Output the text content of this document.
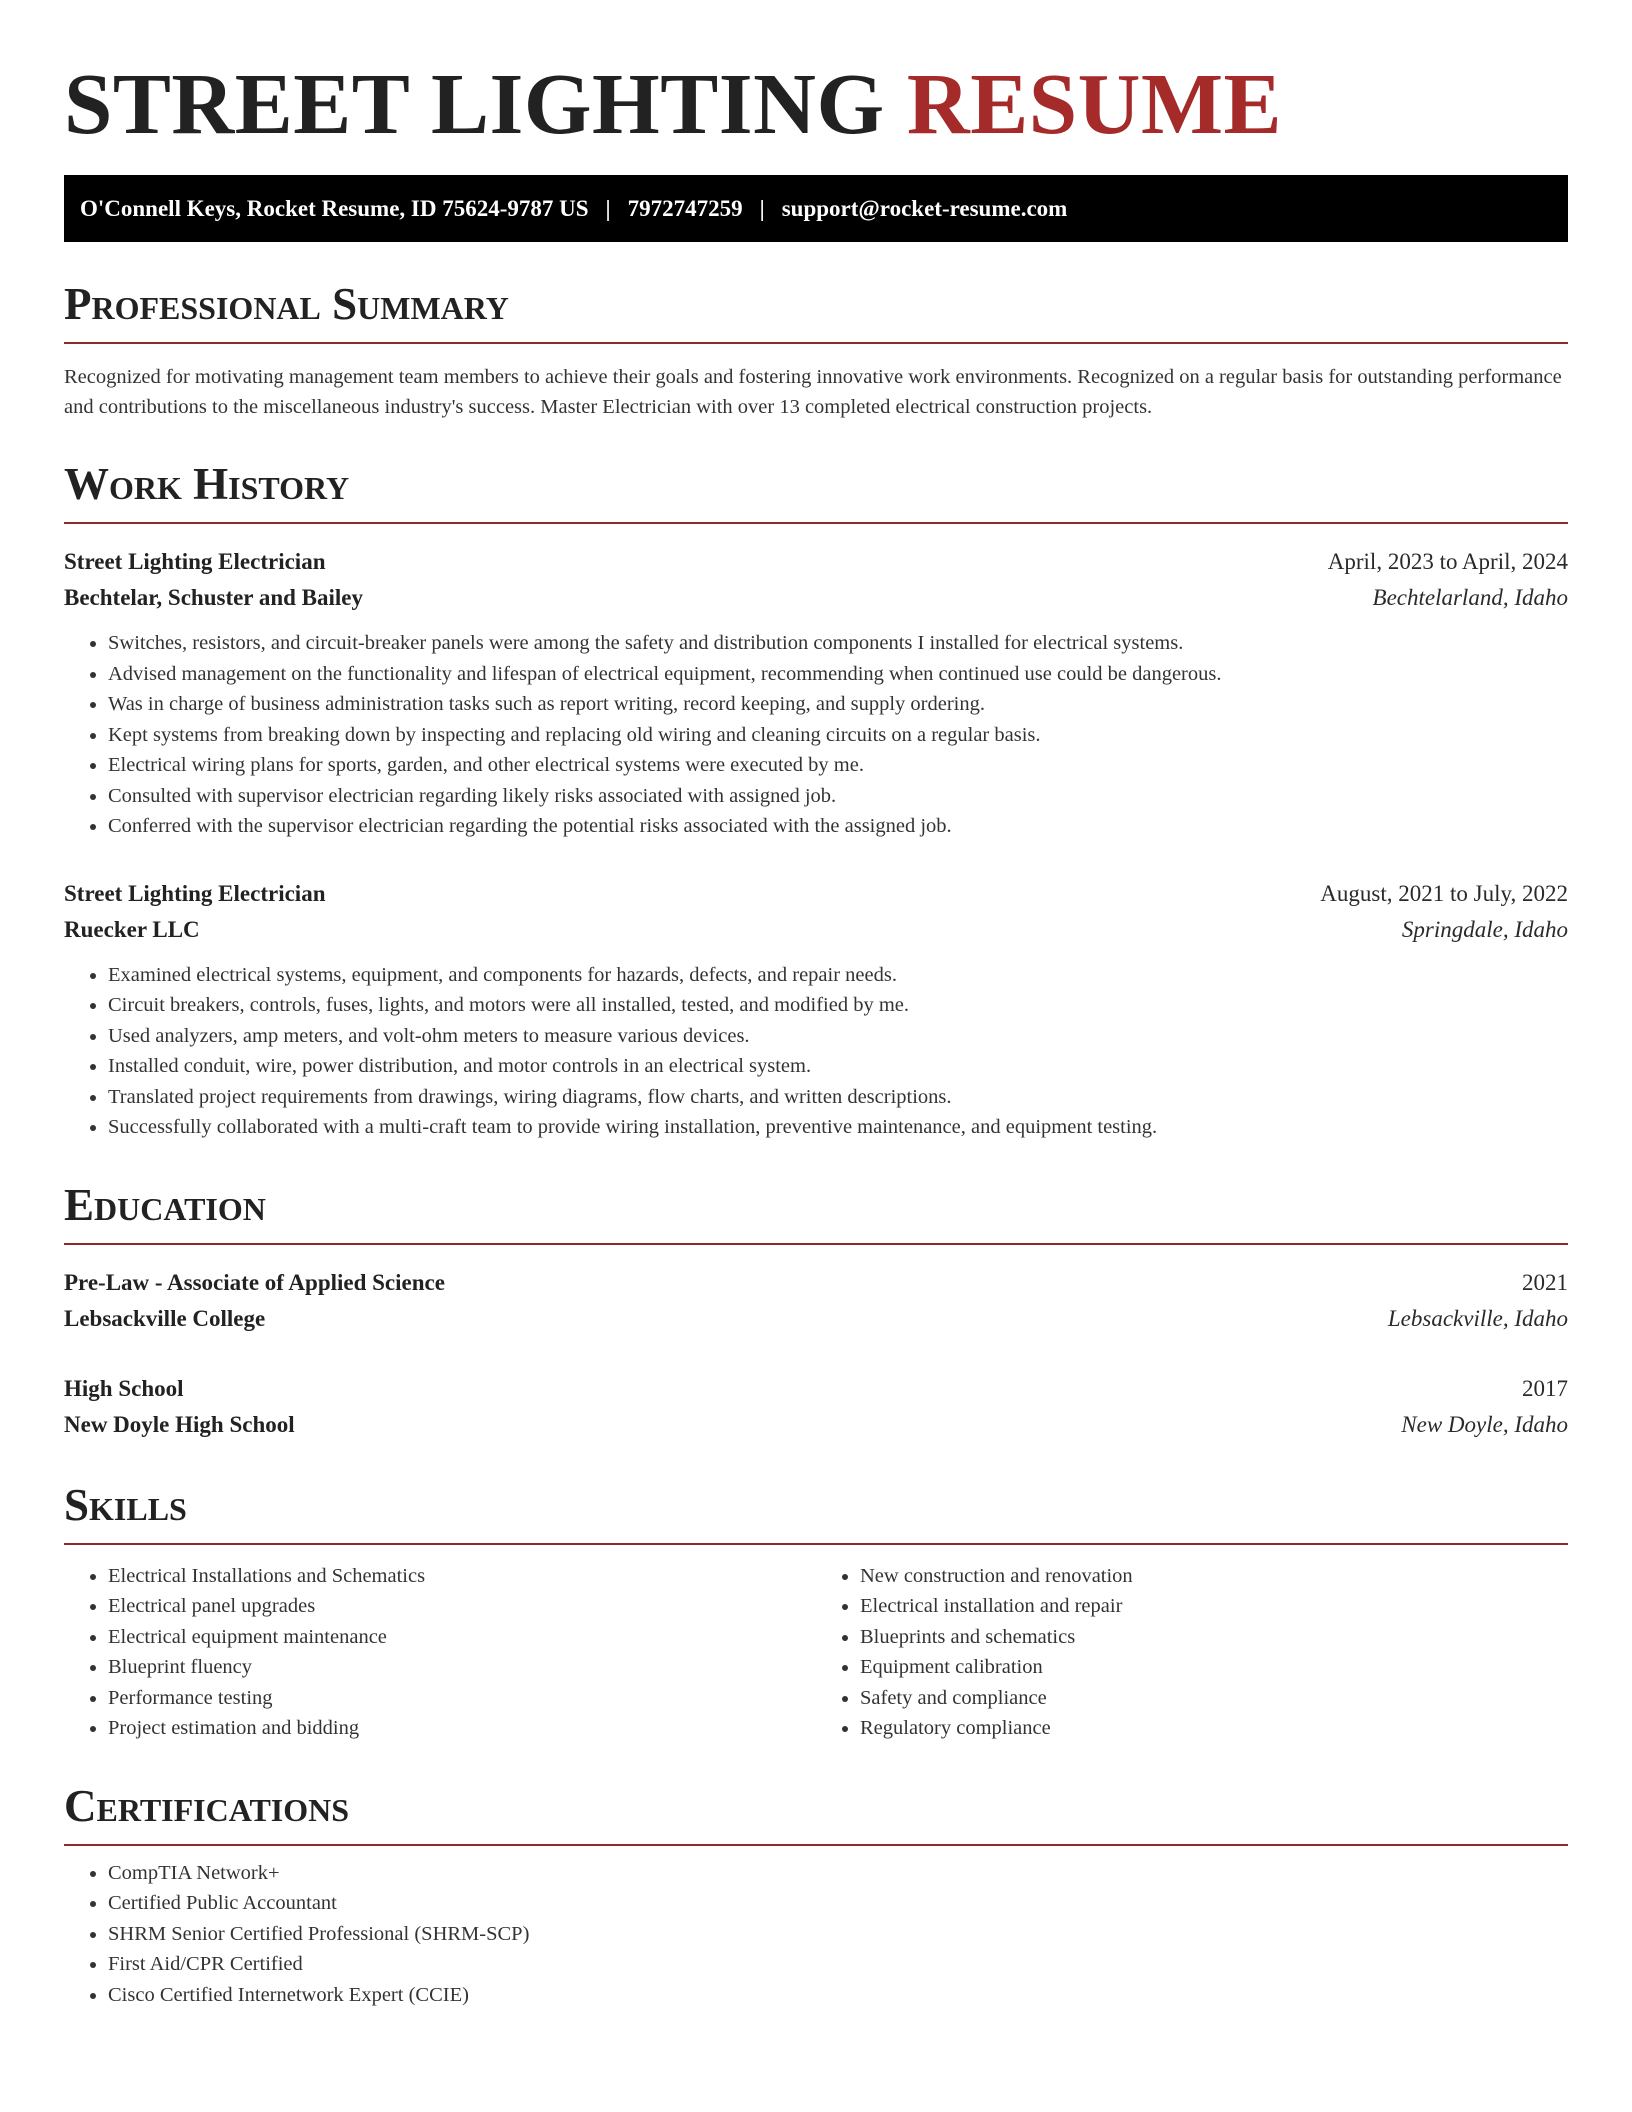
STREET LIGHTING RESUME
O'Connell Keys, Rocket Resume, ID 75624-9787 US | 7972747259 | support@rocket-resume.com
Professional Summary

Recognized for motivating management team members to achieve their goals and fostering innovative work environments. Recognized on a regular basis for outstanding performance and contributions to the miscellaneous industry's success. Master Electrician with over 13 completed electrical construction projects.

Work History
Street Lighting Electrician	April, 2023 to April, 2024
Bechtelar, Schuster and Bailey	Bechtelarland, Idaho
• Switches, resistors, and circuit-breaker panels were among the safety and distribution components I installed for electrical systems.
• Advised management on the functionality and lifespan of electrical equipment, recommending when continued use could be dangerous.
• Was in charge of business administration tasks such as report writing, record keeping, and supply ordering.
• Kept systems from breaking down by inspecting and replacing old wiring and cleaning circuits on a regular basis.
• Electrical wiring plans for sports, garden, and other electrical systems were executed by me.
• Consulted with supervisor electrician regarding likely risks associated with assigned job.
• Conferred with the supervisor electrician regarding the potential risks associated with the assigned job.
Street Lighting Electrician	August, 2021 to July, 2022
Ruecker LLC	Springdale, Idaho
• Examined electrical systems, equipment, and components for hazards, defects, and repair needs.
• Circuit breakers, controls, fuses, lights, and motors were all installed, tested, and modified by me.
• Used analyzers, amp meters, and volt-ohm meters to measure various devices.
• Installed conduit, wire, power distribution, and motor controls in an electrical system.
• Translated project requirements from drawings, wiring diagrams, flow charts, and written descriptions.
• Successfully collaborated with a multi-craft team to provide wiring installation, preventive maintenance, and equipment testing.
Education
Pre-Law - Associate of Applied Science	2021
Lebsackville College	Lebsackville, Idaho
High School	2017
New Doyle High School	New Doyle, Idaho
Skills
• Electrical Installations and Schematics
• Electrical panel upgrades
• Electrical equipment maintenance
• Blueprint fluency
• Performance testing
• Project estimation and bidding
• New construction and renovation
• Electrical installation and repair
• Blueprints and schematics
• Equipment calibration
• Safety and compliance
• Regulatory compliance
Certifications
• CompTIA Network+
• Certified Public Accountant
• SHRM Senior Certified Professional (SHRM-SCP)
• First Aid/CPR Certified
• Cisco Certified Internetwork Expert (CCIE)
